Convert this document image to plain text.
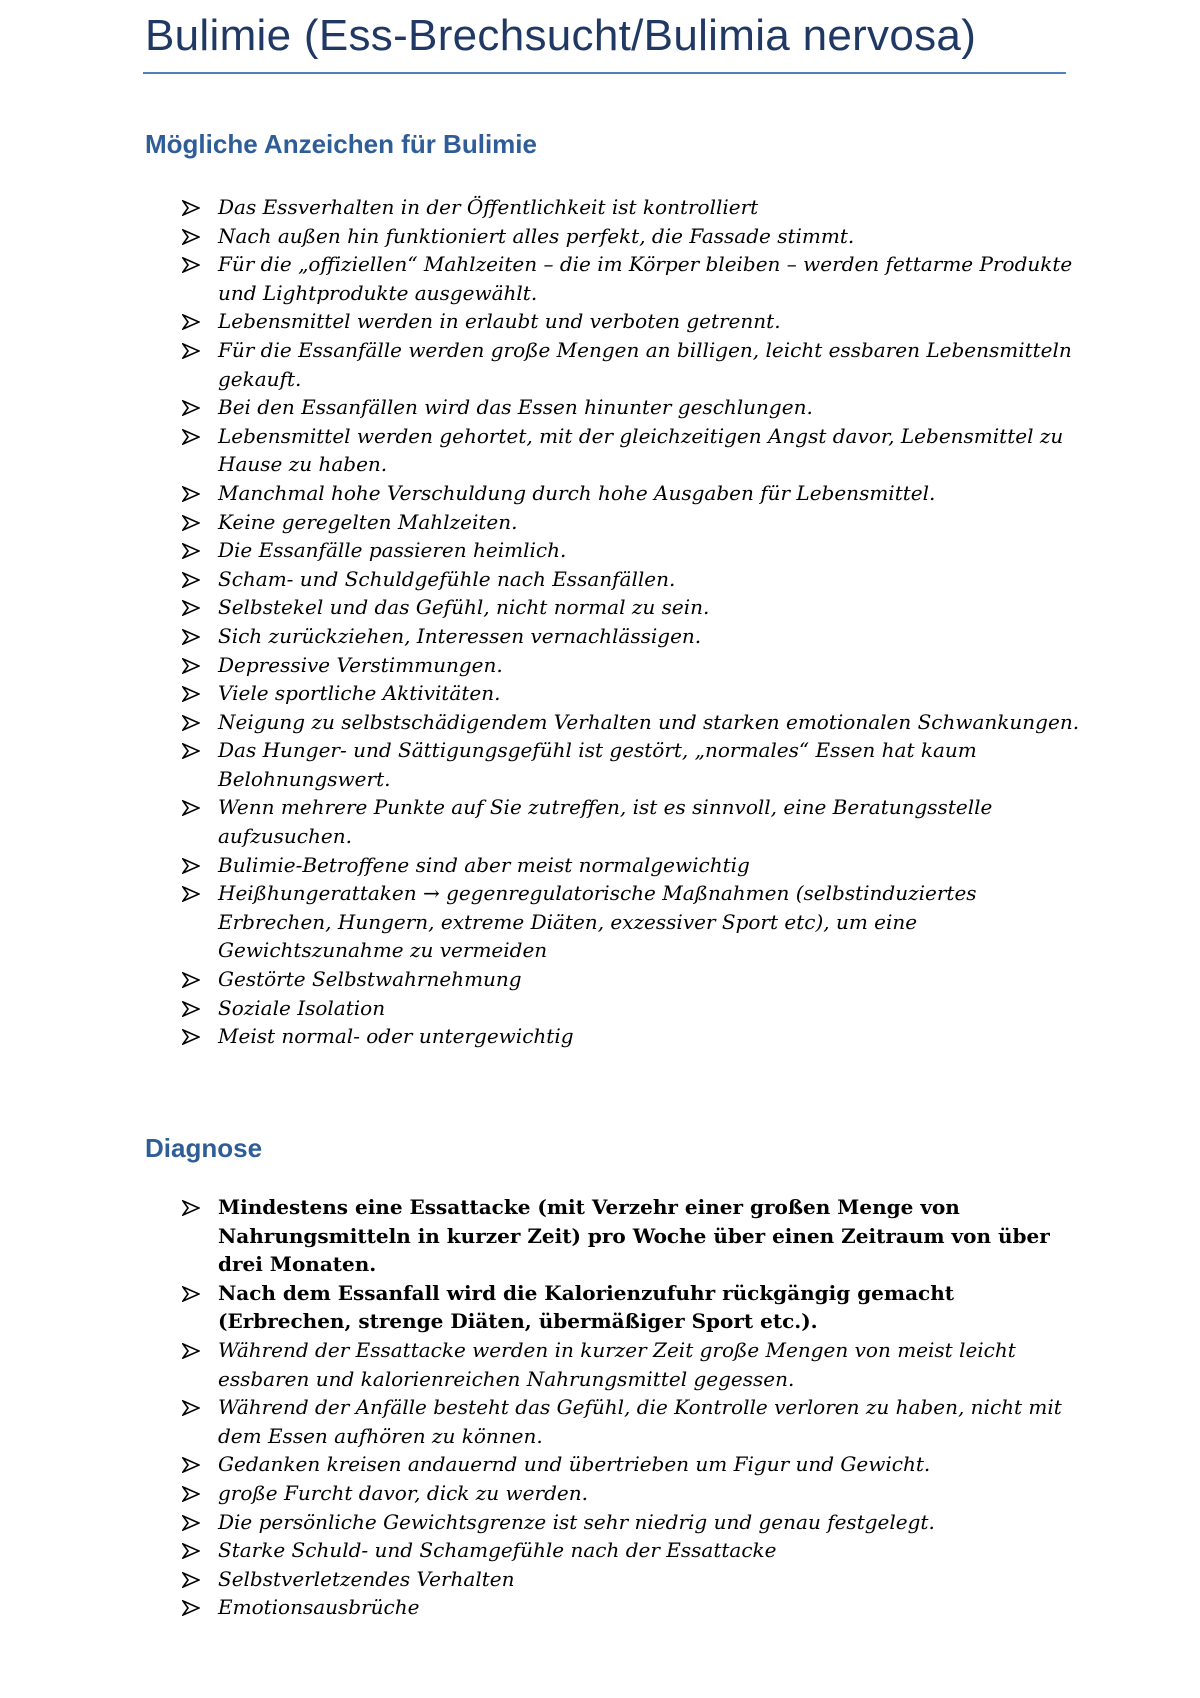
Bulimie (Ess-Brechsucht/Bulimia nervosa)
Mögliche Anzeichen für Bulimie
Das Essverhalten in der Öffentlichkeit ist kontrolliert
Nach außen hin funktioniert alles perfekt, die Fassade stimmt.
Für die „offiziellen“ Mahlzeiten – die im Körper bleiben – werden fettarme Produkte und Lightprodukte ausgewählt.
Lebensmittel werden in erlaubt und verboten getrennt.
Für die Essanfälle werden große Mengen an billigen, leicht essbaren Lebensmitteln gekauft.
Bei den Essanfällen wird das Essen hinunter geschlungen.
Lebensmittel werden gehortet, mit der gleichzeitigen Angst davor, Lebensmittel zu Hause zu haben.
Manchmal hohe Verschuldung durch hohe Ausgaben für Lebensmittel.
Keine geregelten Mahlzeiten.
Die Essanfälle passieren heimlich.
Scham- und Schuldgefühle nach Essanfällen.
Selbstekel und das Gefühl, nicht normal zu sein.
Sich zurückziehen, Interessen vernachlässigen.
Depressive Verstimmungen.
Viele sportliche Aktivitäten.
Neigung zu selbstschädigendem Verhalten und starken emotionalen Schwankungen.
Das Hunger- und Sättigungsgefühl ist gestört, „normales“ Essen hat kaum Belohnungswert.
Wenn mehrere Punkte auf Sie zutreffen, ist es sinnvoll, eine Beratungsstelle aufzusuchen.
Bulimie-Betroffene sind aber meist normalgewichtig
Heißhungerattaken → gegenregulatorische Maßnahmen (selbstinduziertes Erbrechen, Hungern, extreme Diäten, exzessiver Sport etc), um eine Gewichtszunahme zu vermeiden
Gestörte Selbstwahrnehmung
Soziale Isolation
Meist normal- oder untergewichtig
Diagnose
Mindestens eine Essattacke (mit Verzehr einer großen Menge von Nahrungsmitteln in kurzer Zeit) pro Woche über einen Zeitraum von über drei Monaten.
Nach dem Essanfall wird die Kalorienzufuhr rückgängig gemacht (Erbrechen, strenge Diäten, übermäßiger Sport etc.).
Während der Essattacke werden in kurzer Zeit große Mengen von meist leicht essbaren und kalorienreichen Nahrungsmittel gegessen.
Während der Anfälle besteht das Gefühl, die Kontrolle verloren zu haben, nicht mit dem Essen aufhören zu können.
Gedanken kreisen andauernd und übertrieben um Figur und Gewicht.
große Furcht davor, dick zu werden.
Die persönliche Gewichtsgrenze ist sehr niedrig und genau festgelegt.
Starke Schuld- und Schamgefühle nach der Essattacke
Selbstverletzendes Verhalten
Emotionsausbrüche
